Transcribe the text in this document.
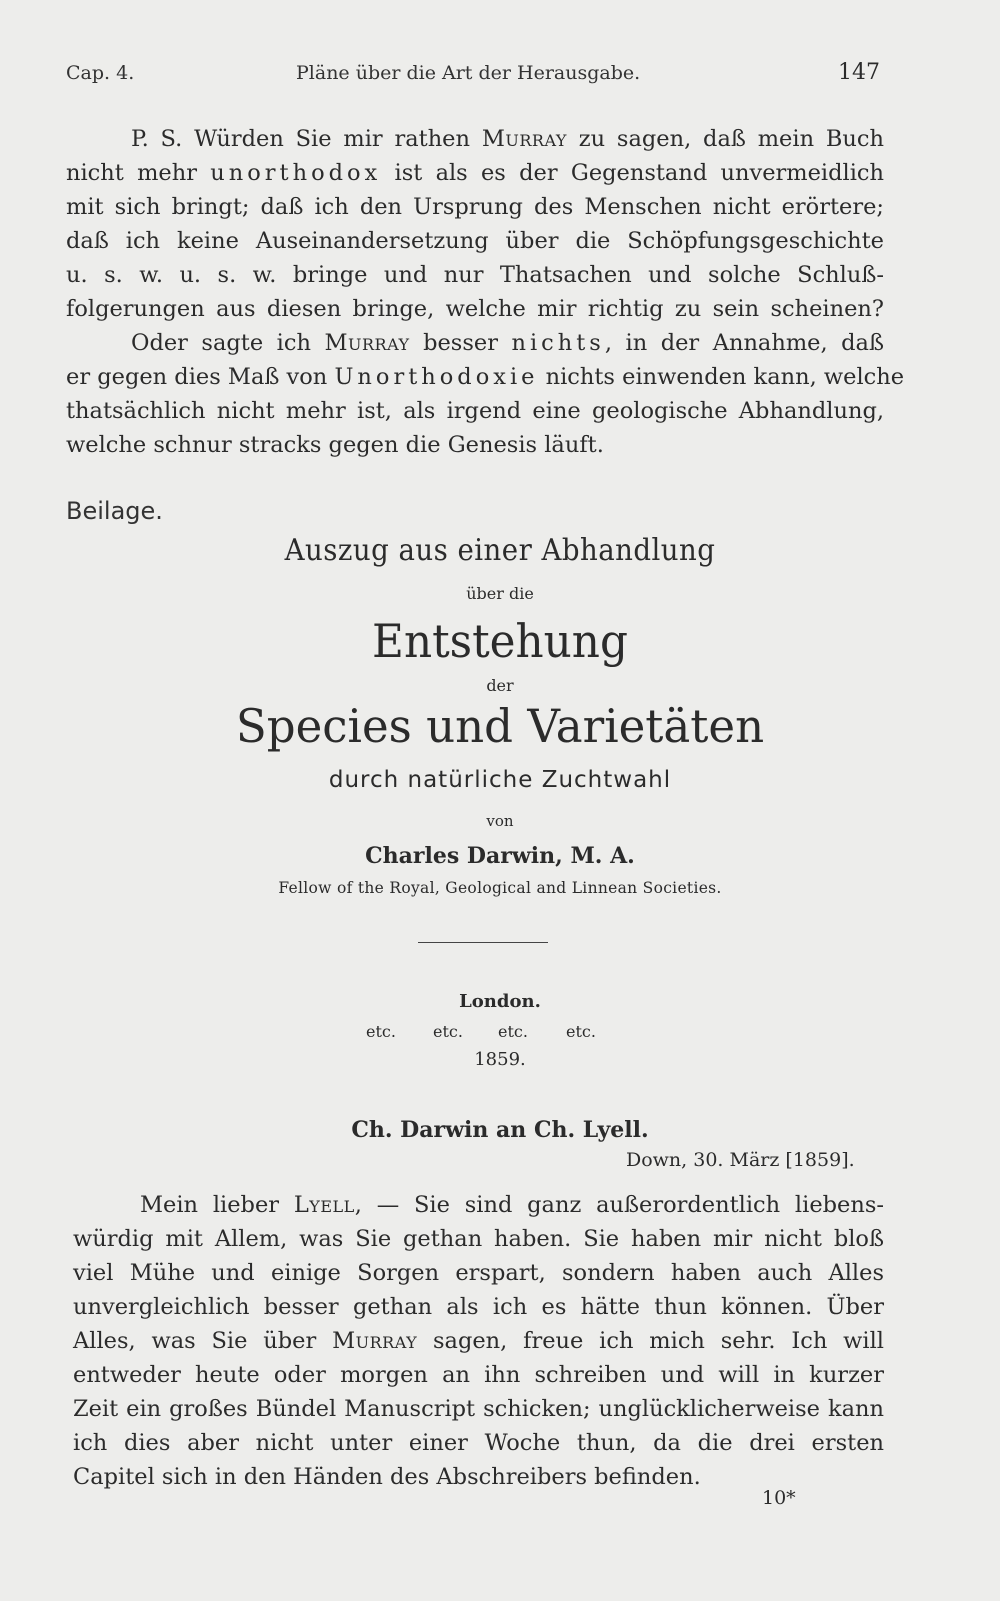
Cap. 4.	Pläne über die Art der Herausgabe.	147
P. S. Würden Sie mir rathen Murray zu sagen, daß mein Buch
nicht mehr unorthodox ist als es der Gegenstand unvermeidlich
mit sich bringt; daß ich den Ursprung des Menschen nicht erörtere;
daß ich keine Auseinandersetzung über die Schöpfungsgeschichte
u. s. w. u. s. w. bringe und nur Thatsachen und solche Schluß-
folgerungen aus diesen bringe, welche mir richtig zu sein scheinen?
Oder sagte ich Murray besser nichts, in der Annahme, daß
er gegen dies Maß von Unorthodoxie nichts einwenden kann, welche
thatsächlich nicht mehr ist, als irgend eine geologische Abhandlung,
welche schnur stracks gegen die Genesis läuft.
Beilage.
Auszug aus einer Abhandlung
über die
Entstehung
der
Species und Varietäten
durch natürliche Zuchtwahl
von
Charles Darwin, M. A.
Fellow of the Royal, Geological and Linnean Societies.
London.
etc. etc. etc. etc.
1859.
Ch. Darwin an Ch. Lyell.
Down, 30. März [1859].
Mein lieber Lyell, — Sie sind ganz außerordentlich liebens-
würdig mit Allem, was Sie gethan haben. Sie haben mir nicht bloß
viel Mühe und einige Sorgen erspart, sondern haben auch Alles
unvergleichlich besser gethan als ich es hätte thun können. Über
Alles, was Sie über Murray sagen, freue ich mich sehr. Ich will
entweder heute oder morgen an ihn schreiben und will in kurzer
Zeit ein großes Bündel Manuscript schicken; unglücklicherweise kann
ich dies aber nicht unter einer Woche thun, da die drei ersten
Capitel sich in den Händen des Abschreibers befinden.
10*
